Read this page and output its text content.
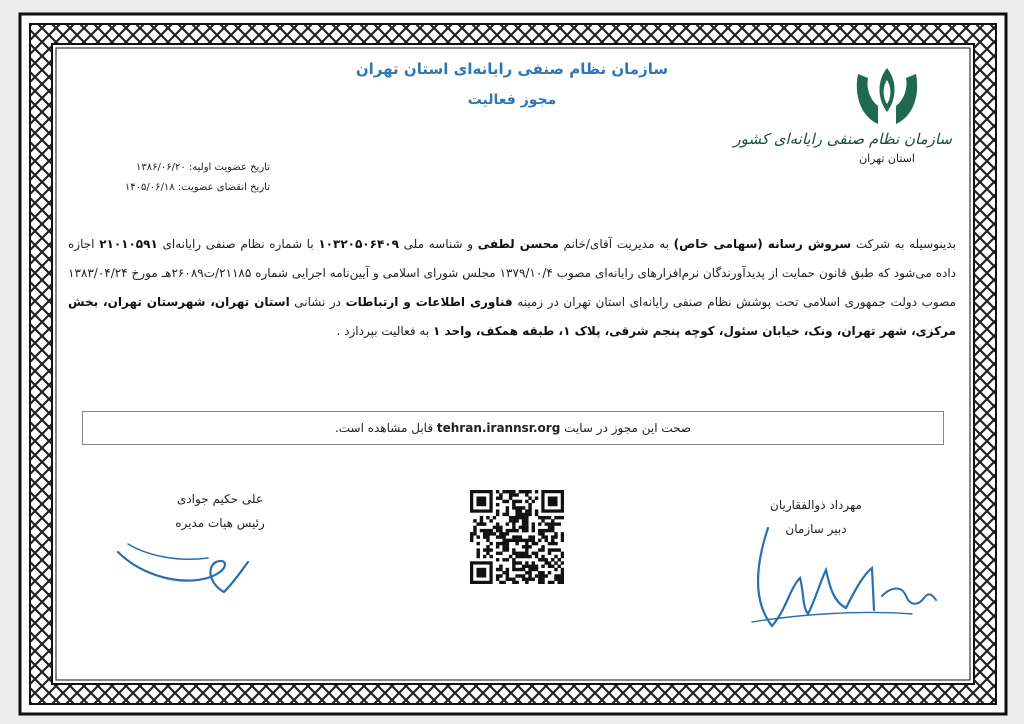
سازمان نظام صنفی رایانه‌ای کشور
استان تهران
سازمان نظام صنفی رایانه‌ای استان تهران
مجوز فعالیت
تاریخ عضویت اولیه: ۱۳۸۶/۰۶/۲۰
تاریخ انقضای عضویت: ۱۴۰۵/۰۶/۱۸
بدینوسیله به شرکت سروش رسانه (سهامی خاص) به مدیریت آقای/خانم محسن لطفی و شناسه ملی ۱۰۳۲۰۵۰۶۴۰۹ با شماره نظام صنفی رایانه‌ای ۲۱۰۱۰۵۹۱ اجازه داده می‌شود که طبق قانون حمایت از پدیدآورندگان نرم‌افزارهای رایانه‌ای مصوب ۱۳۷۹/۱۰/۴ مجلس شورای اسلامی و آیین‌نامه اجرایی شماره ۲۱۱۸۵/ت۲۶۰۸۹هـ مورخ ۱۳۸۳/۰۴/۲۴ مصوب دولت جمهوری اسلامی تحت پوشش نظام صنفی رایانه‌ای استان تهران در زمینه فناوری اطلاعات و ارتباطات در نشانی استان تهران، شهرستان تهران، بخش مرکزی، شهر تهران، ونک، خیابان سئول، کوچه پنجم شرقی، پلاک ۱، طبقه همکف، واحد ۱ به فعالیت بپردازد .
صحت این مجوز در سایت tehran.irannsr.org قابل مشاهده است.
علی حکیم جوادی
رئیس هیات مدیره
مهرداد ذوالفقاریان
دبیر سازمان
